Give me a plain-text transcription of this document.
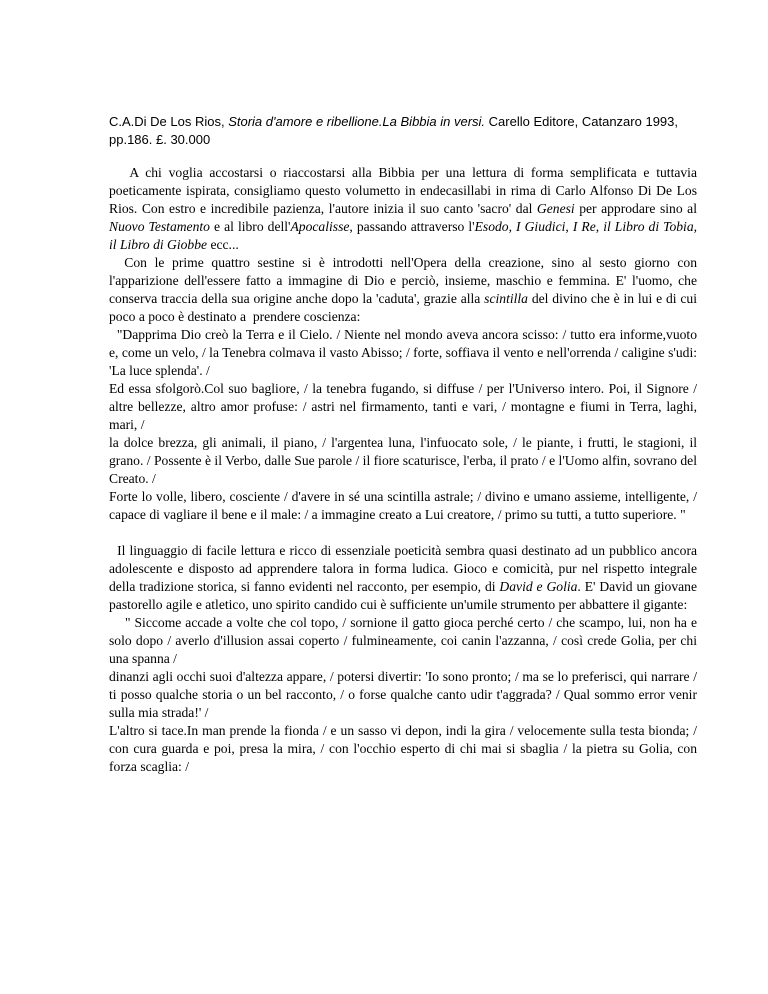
C.A.Di De Los Rios, Storia d'amore e ribellione.La Bibbia in versi. Carello Editore, Catanzaro 1993, pp.186. £. 30.000

A chi voglia accostarsi o riaccostarsi alla Bibbia per una lettura di forma semplificata e tuttavia poeticamente ispirata, consigliamo questo volumetto in endecasillabi in rima di Carlo Alfonso Di De Los Rios. Con estro e incredibile pazienza, l'autore inizia il suo canto 'sacro' dal Genesi per approdare sino al Nuovo Testamento e al libro dell'Apocalisse, passando attraverso l'Esodo, I Giudici, I Re, il Libro di Tobia, il Libro di Giobbe ecc...

Con le prime quattro sestine si è introdotti nell'Opera della creazione, sino al sesto giorno con l'apparizione dell'essere fatto a immagine di Dio e perciò, insieme, maschio e femmina. E' l'uomo, che conserva traccia della sua origine anche dopo la 'caduta', grazie alla scintilla del divino che è in lui e di cui poco a poco è destinato a  prendere coscienza:

"Dapprima Dio creò la Terra e il Cielo. / Niente nel mondo aveva ancora scisso: / tutto era informe,vuoto e, come un velo, / la Tenebra colmava il vasto Abisso; / forte, soffiava il vento e nell'orrenda / caligine s'udi: 'La luce splenda'. /

Ed essa sfolgorò.Col suo bagliore, / la tenebra fugando, si diffuse / per l'Universo intero. Poi, il Signore / altre bellezze, altro amor profuse: / astri nel firmamento, tanti e vari, / montagne e fiumi in Terra, laghi, mari, /

la dolce brezza, gli animali, il piano, / l'argentea luna, l'infuocato sole, / le piante, i frutti, le stagioni, il grano. / Possente è il Verbo, dalle Sue parole / il fiore scaturisce, l'erba, il prato / e l'Uomo alfin, sovrano del Creato. /

Forte lo volle, libero, cosciente / d'avere in sé una scintilla astrale; / divino e umano assieme, intelligente, / capace di vagliare il bene e il male: / a immagine creato a Lui creatore, / primo su tutti, a tutto superiore. "

Il linguaggio di facile lettura e ricco di essenziale poeticità sembra quasi destinato ad un pubblico ancora adolescente e disposto ad apprendere talora in forma ludica. Gioco e comicità, pur nel rispetto integrale della tradizione storica, si fanno evidenti nel racconto, per esempio, di David e Golia. E' David un giovane pastorello agile e atletico, uno spirito candido cui è sufficiente un'umile strumento per abbattere il gigante:

" Siccome accade a volte che col topo, / sornione il gatto gioca perché certo / che scampo, lui, non ha e solo dopo / averlo d'illusion assai coperto / fulmineamente, coi canin l'azzanna, / così crede Golia, per chi una spanna /

dinanzi agli occhi suoi d'altezza appare, / potersi divertir: 'Io sono pronto; / ma se lo preferisci, qui narrare / ti posso qualche storia o un bel racconto, / o forse qualche canto udir t'aggrada? / Qual sommo error venir sulla mia strada!' /

L'altro si tace.In man prende la fionda / e un sasso vi depon, indi la gira / velocemente sulla testa bionda; / con cura guarda e poi, presa la mira, / con l'occhio esperto di chi mai si sbaglia / la pietra su Golia, con forza scaglia: /
